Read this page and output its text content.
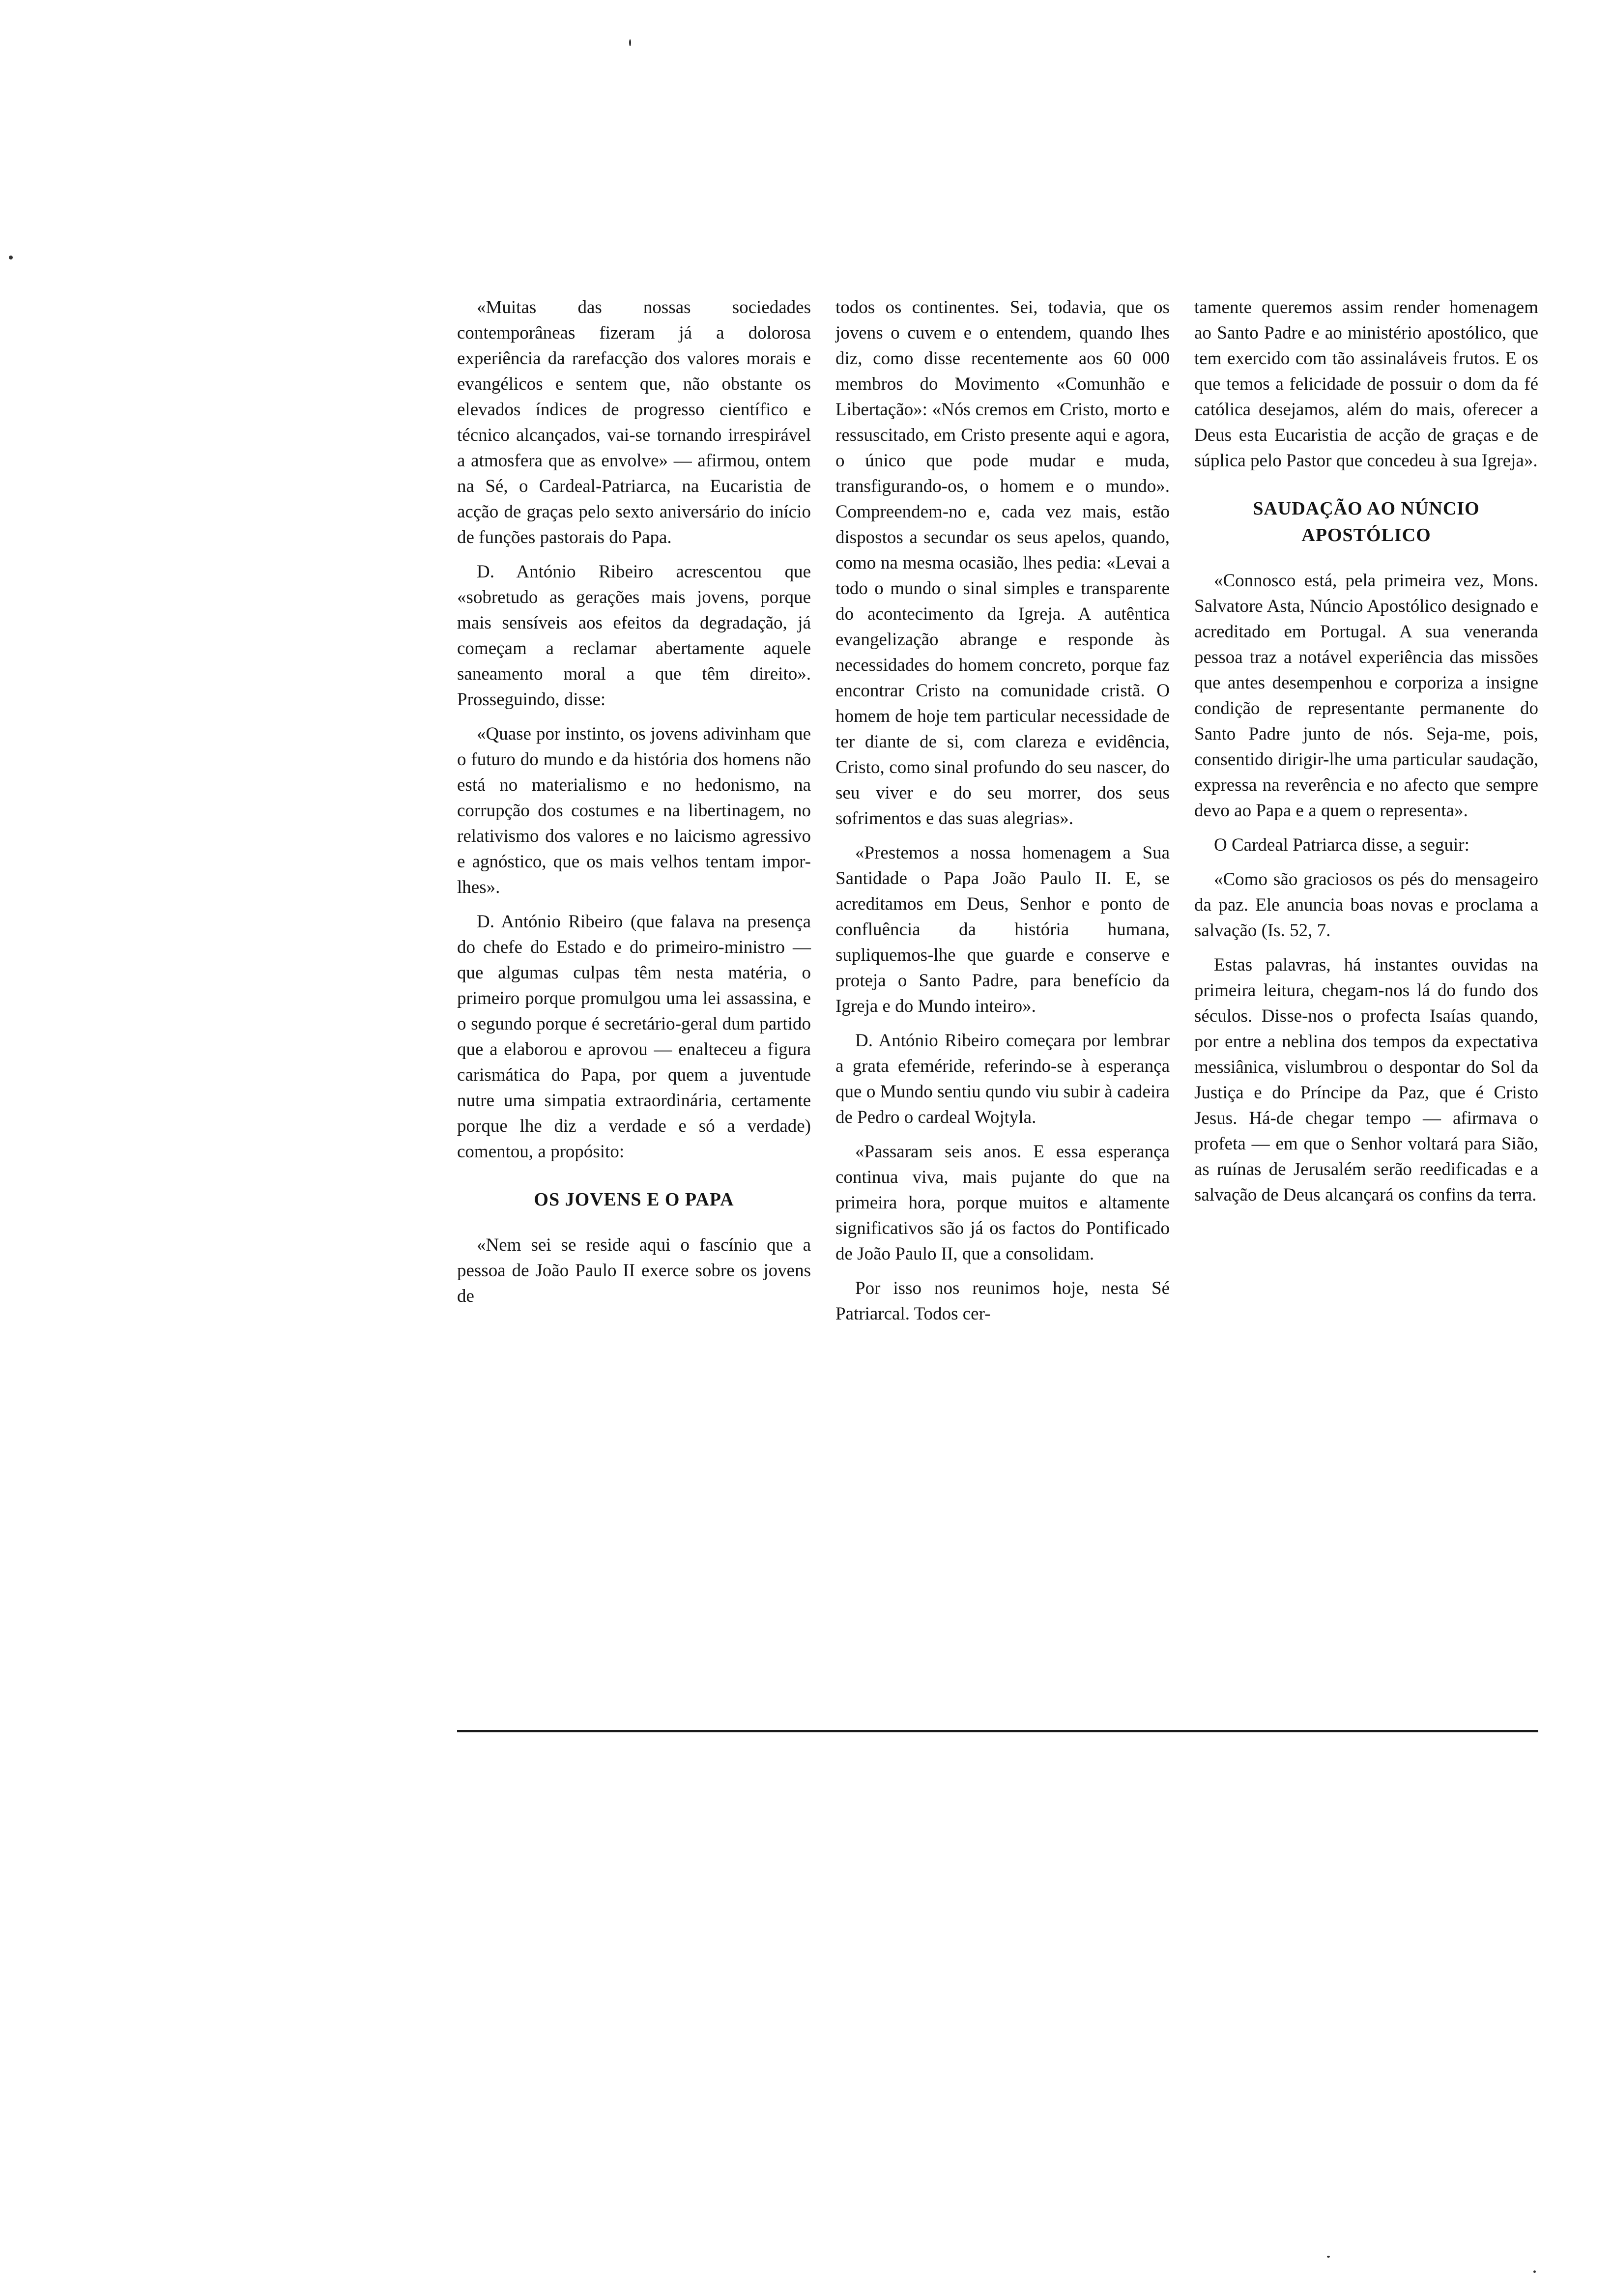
«Muitas das nossas sociedades contemporâneas fizeram já a dolorosa experiência da rarefacção dos valores morais e evangélicos e sentem que, não obstante os elevados índices de progresso científico e técnico alcançados, vai-se tornando irrespirável a atmosfera que as envolve» — afirmou, ontem na Sé, o Cardeal-Patriarca, na Eucaristia de acção de graças pelo sexto aniversário do início de funções pastorais do Papa.

D. António Ribeiro acrescentou que «sobretudo as gerações mais jovens, porque mais sensíveis aos efeitos da degradação, já começam a reclamar abertamente aquele saneamento moral a que têm direito». Prosseguindo, disse:

«Quase por instinto, os jovens adivinham que o futuro do mundo e da história dos homens não está no materialismo e no hedonismo, na corrupção dos costumes e na libertinagem, no relativismo dos valores e no laicismo agressivo e agnóstico, que os mais velhos tentam impor-lhes».

D. António Ribeiro (que falava na presença do chefe do Estado e do primeiro-ministro — que algumas culpas têm nesta matéria, o primeiro porque promulgou uma lei assassina, e o segundo porque é secretário-geral dum partido que a elaborou e aprovou — enalteceu a figura carismática do Papa, por quem a juventude nutre uma simpatia extraordinária, certamente porque lhe diz a verdade e só a verdade) comentou, a propósito:

OS JOVENS E O PAPA

«Nem sei se reside aqui o fascínio que a pessoa de João Paulo II exerce sobre os jovens de

todos os continentes. Sei, todavia, que os jovens o cuvem e o entendem, quando lhes diz, como disse recentemente aos 60 000 membros do Movimento «Comunhão e Libertação»: «Nós cremos em Cristo, morto e ressuscitado, em Cristo presente aqui e agora, o único que pode mudar e muda, transfigurando-os, o homem e o mundo». Compreendem-no e, cada vez mais, estão dispostos a secundar os seus apelos, quando, como na mesma ocasião, lhes pedia: «Levai a todo o mundo o sinal simples e transparente do acontecimento da Igreja. A autêntica evangelização abrange e responde às necessidades do homem concreto, porque faz encontrar Cristo na comunidade cristã. O homem de hoje tem particular necessidade de ter diante de si, com clareza e evidência, Cristo, como sinal profundo do seu nascer, do seu viver e do seu morrer, dos seus sofrimentos e das suas alegrias».

«Prestemos a nossa homenagem a Sua Santidade o Papa João Paulo II. E, se acreditamos em Deus, Senhor e ponto de confluência da história humana, supliquemos-lhe que guarde e conserve e proteja o Santo Padre, para benefício da Igreja e do Mundo inteiro».

D. António Ribeiro começara por lembrar a grata efeméride, referindo-se à esperança que o Mundo sentiu qundo viu subir à cadeira de Pedro o cardeal Wojtyla.

«Passaram seis anos. E essa esperança continua viva, mais pujante do que na primeira hora, porque muitos e altamente significativos são já os factos do Pontificado de João Paulo II, que a consolidam.

Por isso nos reunimos hoje, nesta Sé Patriarcal. Todos cer-

tamente queremos assim render homenagem ao Santo Padre e ao ministério apostólico, que tem exercido com tão assinaláveis frutos. E os que temos a felicidade de possuir o dom da fé católica desejamos, além do mais, oferecer a Deus esta Eucaristia de acção de graças e de súplica pelo Pastor que concedeu à sua Igreja».

SAUDAÇÃO AO NÚNCIO
APOSTÓLICO

«Connosco está, pela primeira vez, Mons. Salvatore Asta, Núncio Apostólico designado e acreditado em Portugal. A sua veneranda pessoa traz a notável experiência das missões que antes desempenhou e corporiza a insigne condição de representante permanente do Santo Padre junto de nós. Seja-me, pois, consentido dirigir-lhe uma particular saudação, expressa na reverência e no afecto que sempre devo ao Papa e a quem o representa».

O Cardeal Patriarca disse, a seguir:

«Como são graciosos os pés do mensageiro da paz. Ele anuncia boas novas e proclama a salvação (Is. 52, 7.

Estas palavras, há instantes ouvidas na primeira leitura, chegam-nos lá do fundo dos séculos. Disse-nos o profecta Isaías quando, por entre a neblina dos tempos da expectativa messiânica, vislumbrou o despontar do Sol da Justiça e do Príncipe da Paz, que é Cristo Jesus. Há-de chegar tempo — afirmava o profeta — em que o Senhor voltará para Sião, as ruínas de Jerusalém serão reedificadas e a salvação de Deus alcançará os confins da terra.
